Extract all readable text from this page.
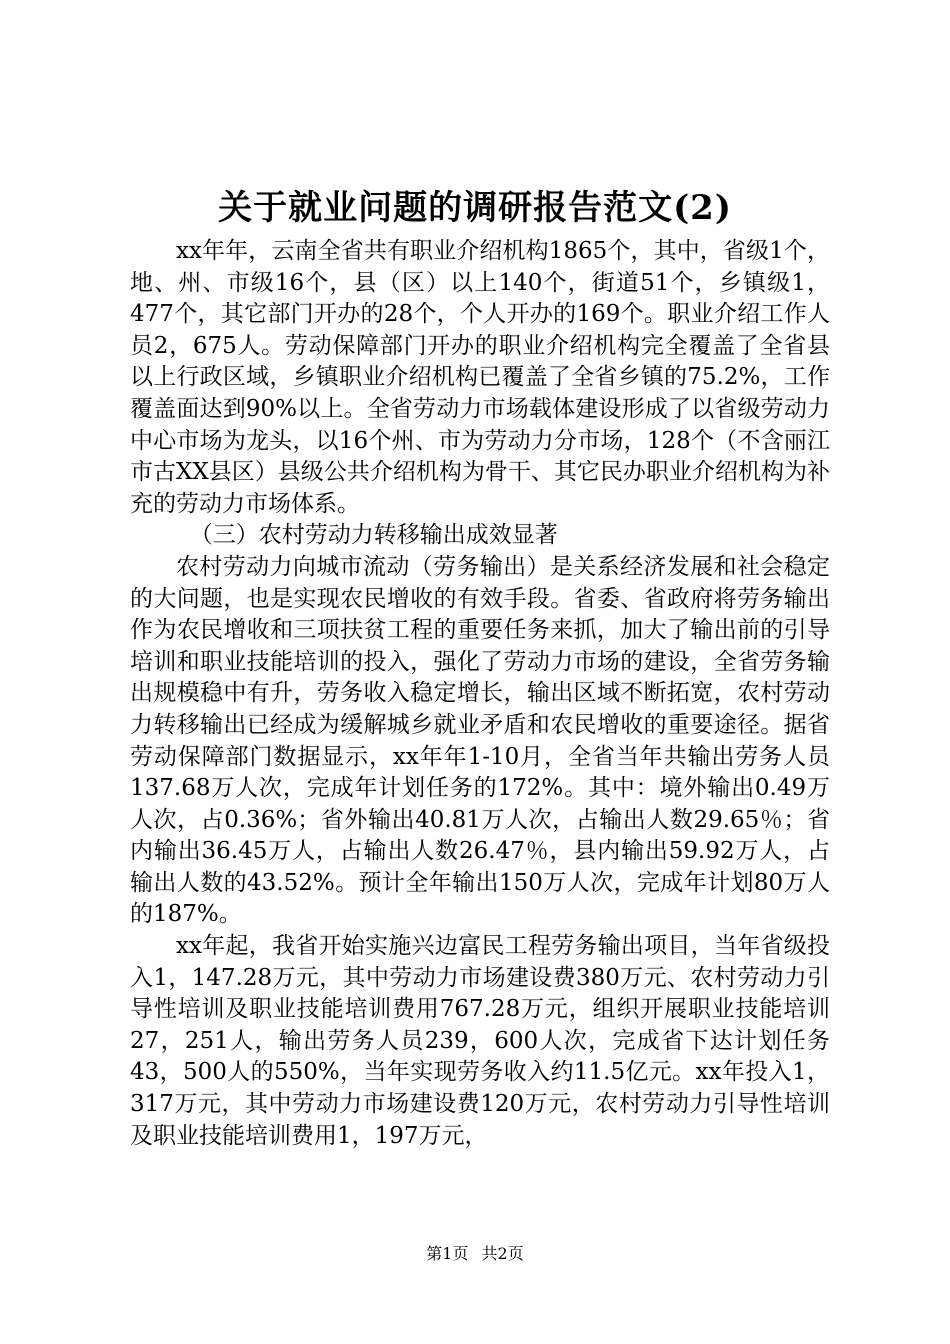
关于就业问题的调研报告范文(2)

xx年年，云南全省共有职业介绍机构1865个，其中，省级1个，地、州、市级16个，县（区）以上140个，街道51个，乡镇级1，477个，其它部门开办的28个，个人开办的169个。职业介绍工作人员2，675人。劳动保障部门开办的职业介绍机构完全覆盖了全省县以上行政区域，乡镇职业介绍机构已覆盖了全省乡镇的75.2%，工作覆盖面达到90%以上。全省劳动力市场载体建设形成了以省级劳动力中心市场为龙头，以16个州、市为劳动力分市场，128个（不含丽江市古XX县区）县级公共介绍机构为骨干、其它民办职业介绍机构为补充的劳动力市场体系。

（三）农村劳动力转移输出成效显著

农村劳动力向城市流动（劳务输出）是关系经济发展和社会稳定的大问题，也是实现农民增收的有效手段。省委、省政府将劳务输出作为农民增收和三项扶贫工程的重要任务来抓，加大了输出前的引导培训和职业技能培训的投入，强化了劳动力市场的建设，全省劳务输出规模稳中有升，劳务收入稳定增长，输出区域不断拓宽，农村劳动力转移输出已经成为缓解城乡就业矛盾和农民增收的重要途径。据省劳动保障部门数据显示，xx年年1-10月，全省当年共输出劳务人员137.68万人次，完成年计划任务的172%。其中：境外输出0.49万人次，占0.36%；省外输出40.81万人次，占输出人数29.65％；省内输出36.45万人，占输出人数26.47％，县内输出59.92万人，占输出人数的43.52%。预计全年输出150万人次，完成年计划80万人的187%。

xx年起，我省开始实施兴边富民工程劳务输出项目，当年省级投入1，147.28万元，其中劳动力市场建设费380万元、农村劳动力引导性培训及职业技能培训费用767.28万元，组织开展职业技能培训27，251人，输出劳务人员239，600人次，完成省下达计划任务43，500人的550%，当年实现劳务收入约11.5亿元。xx年投入1，317万元，其中劳动力市场建设费120万元，农村劳动力引导性培训及职业技能培训费用1，197万元，

第1页 共2页
